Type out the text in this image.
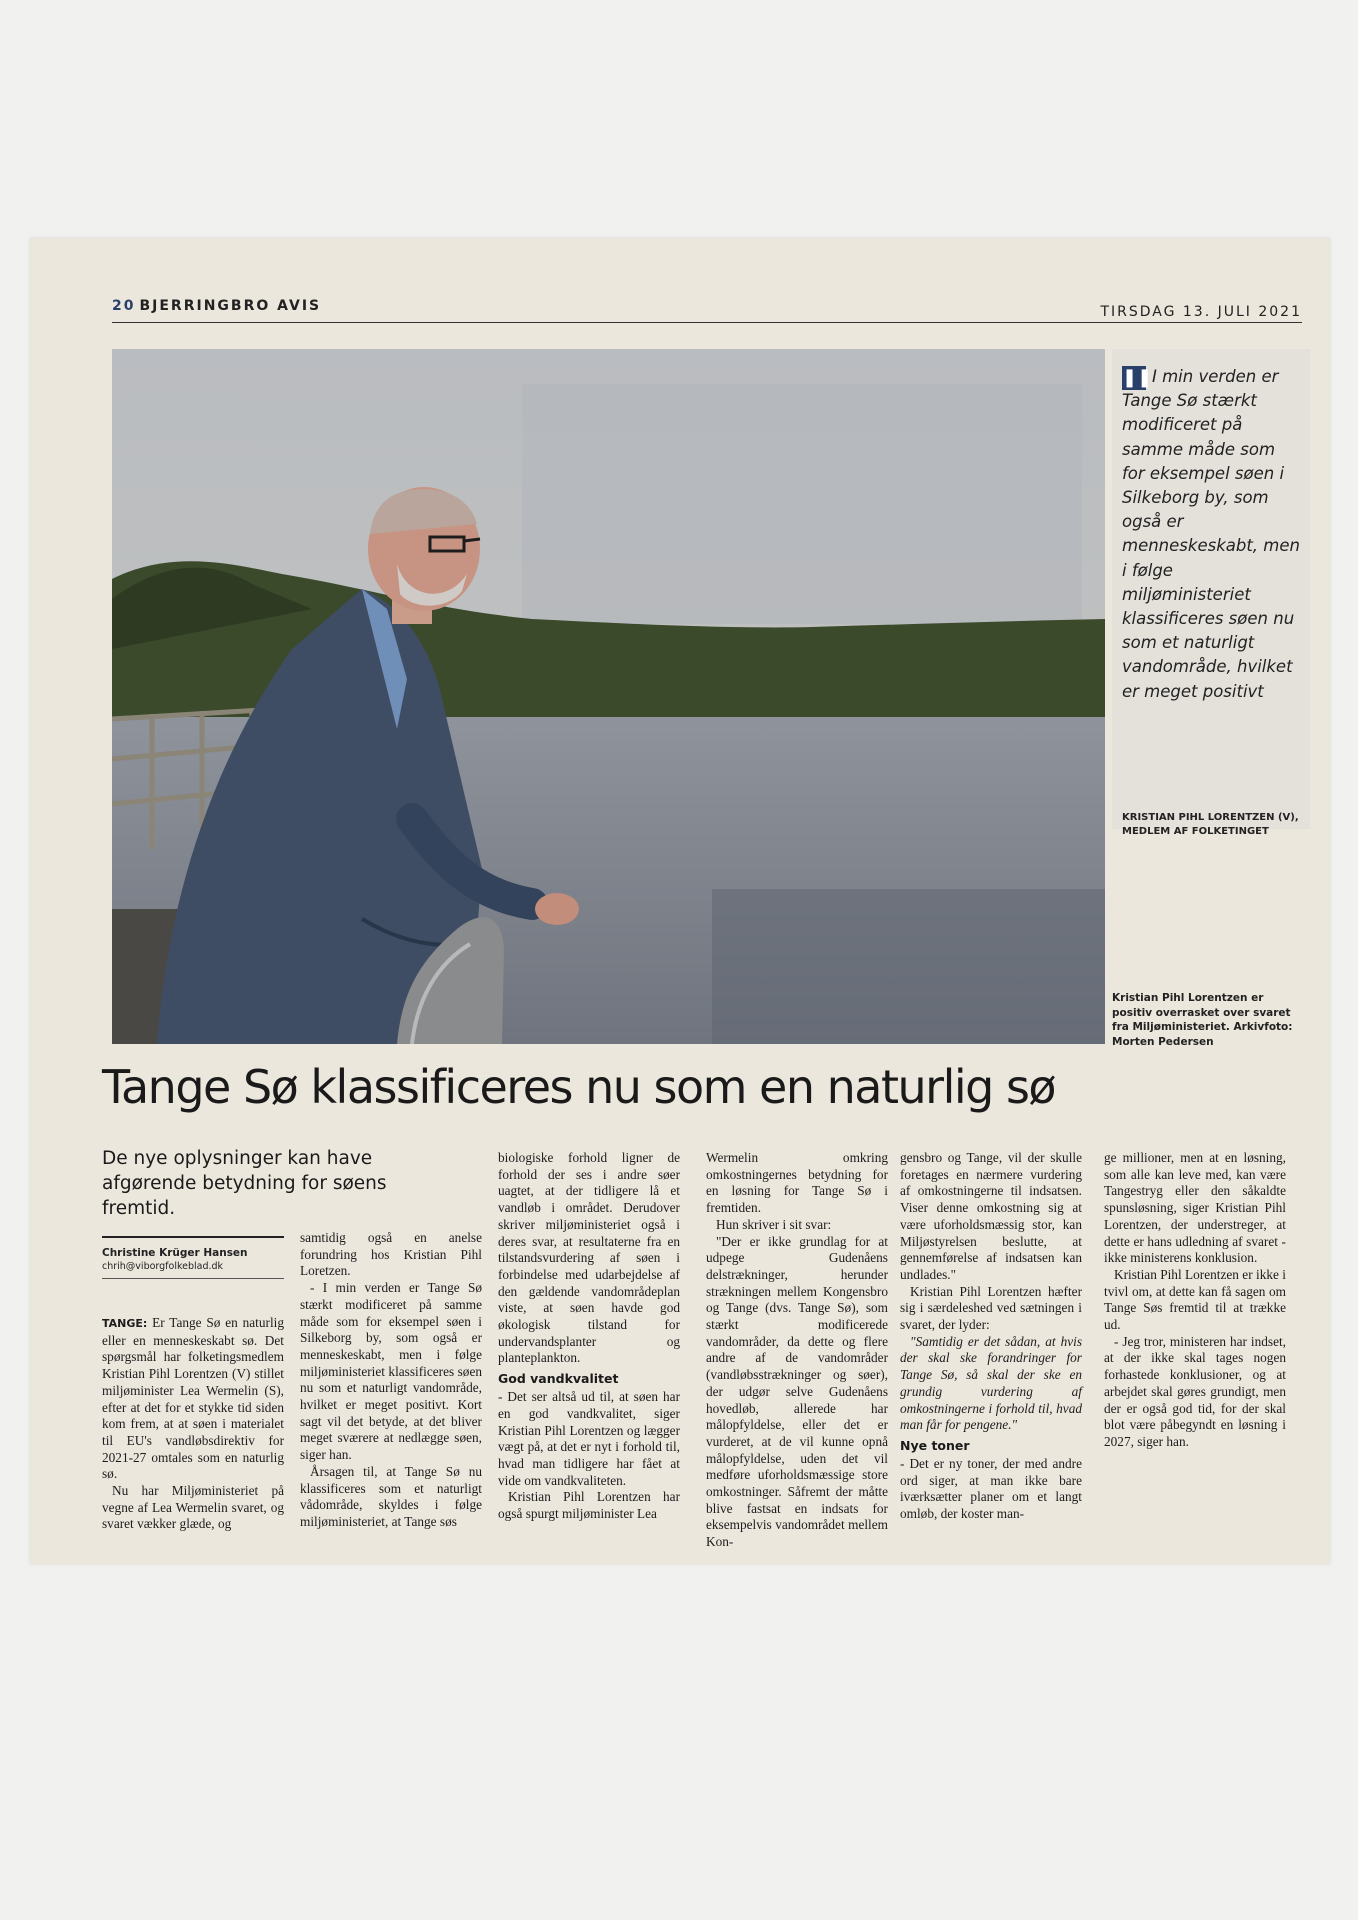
20 BJERRINGBRO AVIS	TIRSDAG 13. JULI 2021
❚❚ I min verden er Tange Sø stærkt modificeret på samme måde som for eksempel søen i Silkeborg by, som også er menneskeskabt, men i følge miljøministeriet klassificeres søen nu som et naturligt vandområde, hvilket er meget positivt
KRISTIAN PIHL LORENTZEN (V), MEDLEM AF FOLKETINGET
Kristian Pihl Lorentzen er positiv overrasket over svaret fra Miljøministeriet. Arkivfoto: Morten Pedersen
Tange Sø klassificeres nu som en naturlig sø
De nye oplysninger kan have afgørende betydning for søens fremtid.
Christine Krüger Hansen
chrih@viborgfolkeblad.dk

TANGE: Er Tange Sø en naturlig eller en menneskeskabt sø. Det spørgsmål har folketingsmedlem Kristian Pihl Lorentzen (V) stillet miljøminister Lea Wermelin (S), efter at det for et stykke tid siden kom frem, at at søen i materialet til EU's vandløbsdirektiv for 2021-27 omtales som en naturlig sø.

Nu har Miljøministeriet på vegne af Lea Wermelin svaret, og svaret vækker glæde, og

samtidig også en anelse forundring hos Kristian Pihl Loretzen.

- I min verden er Tange Sø stærkt modificeret på samme måde som for eksempel søen i Silkeborg by, som også er menneskeskabt, men i følge miljøministeriet klassificeres søen nu som et naturligt vandområde, hvilket er meget positivt. Kort sagt vil det betyde, at det bliver meget sværere at nedlægge søen, siger han.

Årsagen til, at Tange Sø nu klassificeres som et naturligt vådområde, skyldes i følge miljøministeriet, at Tange søs

biologiske forhold ligner de forhold der ses i andre søer uagtet, at der tidligere lå et vandløb i området. Derudover skriver miljøministeriet også i deres svar, at resultaterne fra en tilstandsvurdering af søen i forbindelse med udarbejdelse af den gældende vandområdeplan viste, at søen havde god økologisk tilstand for undervandsplanter og planteplankton.

God vandkvalitet

- Det ser altså ud til, at søen har en god vandkvalitet, siger Kristian Pihl Lorentzen og lægger vægt på, at det er nyt i forhold til, hvad man tidligere har fået at vide om vandkvaliteten.

Kristian Pihl Lorentzen har også spurgt miljøminister Lea

Wermelin omkring omkostningernes betydning for en løsning for Tange Sø i fremtiden.

Hun skriver i sit svar:

"Der er ikke grundlag for at udpege Gudenåens delstrækninger, herunder strækningen mellem Kongensbro og Tange (dvs. Tange Sø), som stærkt modificerede vandområder, da dette og flere andre af de vandområder (vandløbsstrækninger og søer), der udgør selve Gudenåens hovedløb, allerede har målopfyldelse, eller det er vurderet, at de vil kunne opnå målopfyldelse, uden det vil medføre uforholdsmæssige store omkostninger. Såfremt der måtte blive fastsat en indsats for eksempelvis vandområdet mellem Kon-

gensbro og Tange, vil der skulle foretages en nærmere vurdering af omkostningerne til indsatsen. Viser denne omkostning sig at være uforholdsmæssig stor, kan Miljøstyrelsen beslutte, at gennemførelse af indsatsen kan undlades."

Kristian Pihl Lorentzen hæfter sig i særdeleshed ved sætningen i svaret, der lyder:

"Samtidig er det sådan, at hvis der skal ske forandringer for Tange Sø, så skal der ske en grundig vurdering af omkostningerne i forhold til, hvad man får for pengene."

Nye toner

- Det er ny toner, der med andre ord siger, at man ikke bare iværksætter planer om et langt omløb, der koster man-

ge millioner, men at en løsning, som alle kan leve med, kan være Tangestryg eller den såkaldte spunsløsning, siger Kristian Pihl Lorentzen, der understreger, at dette er hans udledning af svaret - ikke ministerens konklusion.

Kristian Pihl Lorentzen er ikke i tvivl om, at dette kan få sagen om Tange Søs fremtid til at trække ud.

- Jeg tror, ministeren har indset, at der ikke skal tages nogen forhastede konklusioner, og at arbejdet skal gøres grundigt, men der er også god tid, for der skal blot være påbegyndt en løsning i 2027, siger han.
